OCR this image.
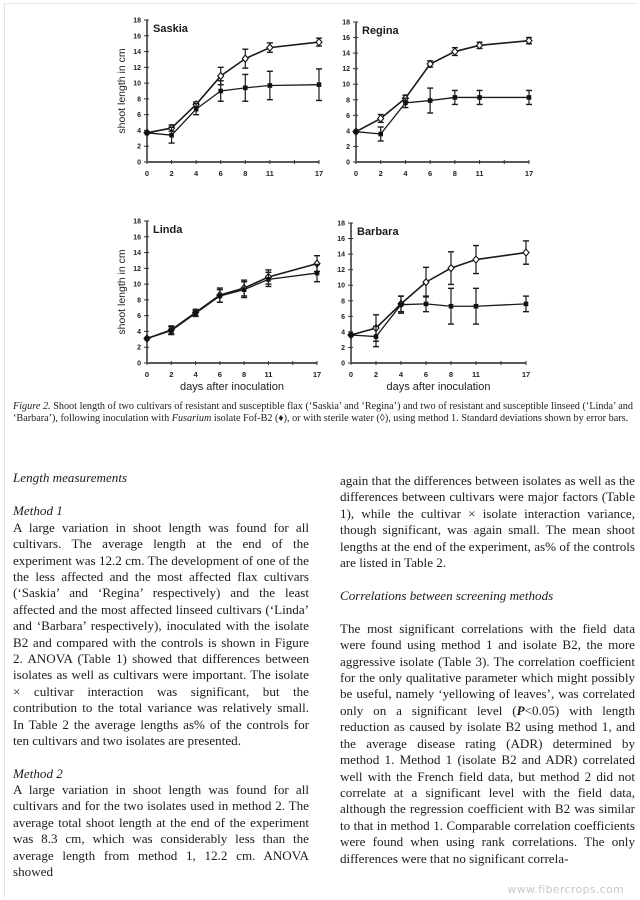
0
2
4
6
8
10
12
14
16
18
0	2	4	6	8 11	17
Saskia
shoot length in cm
0
2
4
6
8
10
12
14
16
18
0	2	4	6	8 11	17
Regina
0
2
4
6
8
10
12
14
16
18
0	2	4	6	8 11	17
Linda
shoot length in cm
days after inoculation
0
2
4
6
8
10
12
14
16
18
0	2	4	6	8	11	17
Barbara
days after inoculation
Figure 2. Shoot length of two cultivars of resistant and susceptible flax (‘Saskia’ and ‘Regina’) and two of resistant and susceptible linseed (‘Linda’ and ‘Barbara’), following inoculation with Fusarium isolate Fof-B2 (♦), or with sterile water (◊), using method 1. Standard deviations shown by error bars.

Length measurements

Method 1

A large variation in shoot length was found for all cultivars. The average length at the end of the experiment was 12.2 cm. The development of one of the the less affected and the most affected flax cultivars (‘Saskia’ and ‘Regina’ respectively) and the least affected and the most affected linseed cultivars (‘Linda’ and ‘Barbara’ respectively), inoculated with the isolate B2 and compared with the controls is shown in Figure 2. ANOVA (Table 1) showed that differences between isolates as well as cultivars were important. The isolate × cultivar interaction was significant, but the contribution to the total variance was relatively small. In Table 2 the average lengths as% of the controls for ten cultivars and two isolates are presented.

Method 2

A large variation in shoot length was found for all cultivars and for the two isolates used in method 2. The average total shoot length at the end of the experiment was 8.3 cm, which was considerably less than the average length from method 1, 12.2 cm. ANOVA showed

again that the differences between isolates as well as the differences between cultivars were major factors (Table 1), while the cultivar × isolate interaction variance, though significant, was again small. The mean shoot lengths at the end of the experiment, as% of the controls are listed in Table 2.

Correlations between screening methods

The most significant correlations with the field data were found using method 1 and isolate B2, the more aggressive isolate (Table 3). The correlation coefficient for the only qualitative parameter which might possibly be useful, namely ‘yellowing of leaves’, was correlated only on a significant level (P<0.05) with length reduction as caused by isolate B2 using method 1, and the average disease rating (ADR) determined by method 1. Method 1 (isolate B2 and ADR) correlated well with the French field data, but method 2 did not correlate at a significant level with the field data, although the regression coefficient with B2 was similar to that in method 1. Comparable correlation coefficients were found when using rank correlations. The only differences were that no significant correla-

www.fibercrops.com
